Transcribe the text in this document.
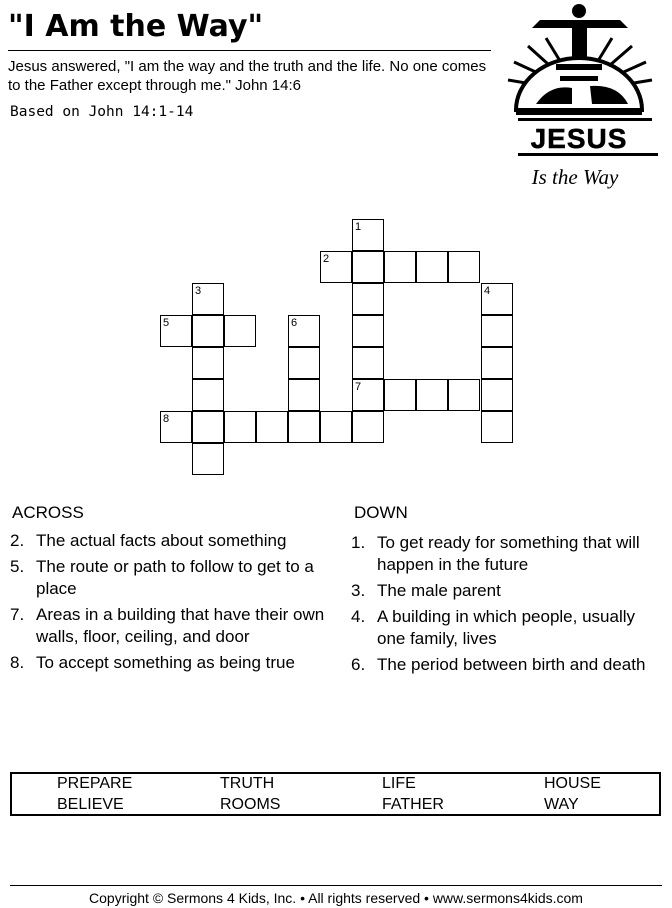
"I Am the Way"
Jesus answered, "I am the way and the truth and the life. No one comes to the Father except through me." John 14:6
Based on John 14:1-14
JESUS
Is the Way
1
7
2
4
3
5	6
8
ACROSS
2. The actual facts about something
5. The route or path to follow to get to a place
7. Areas in a building that have their own walls, floor, ceiling, and door
8. To accept something as being true
DOWN
1. To get ready for something that will happen in the future
3. The male parent
4. A building in which people, usually one family, lives
6. The period between birth and death
PREPARE	TRUTH	LIFE	HOUSE
BELIEVE	ROOMS	FATHER	WAY
Copyright © Sermons 4 Kids, Inc. • All rights reserved • www.sermons4kids.com
